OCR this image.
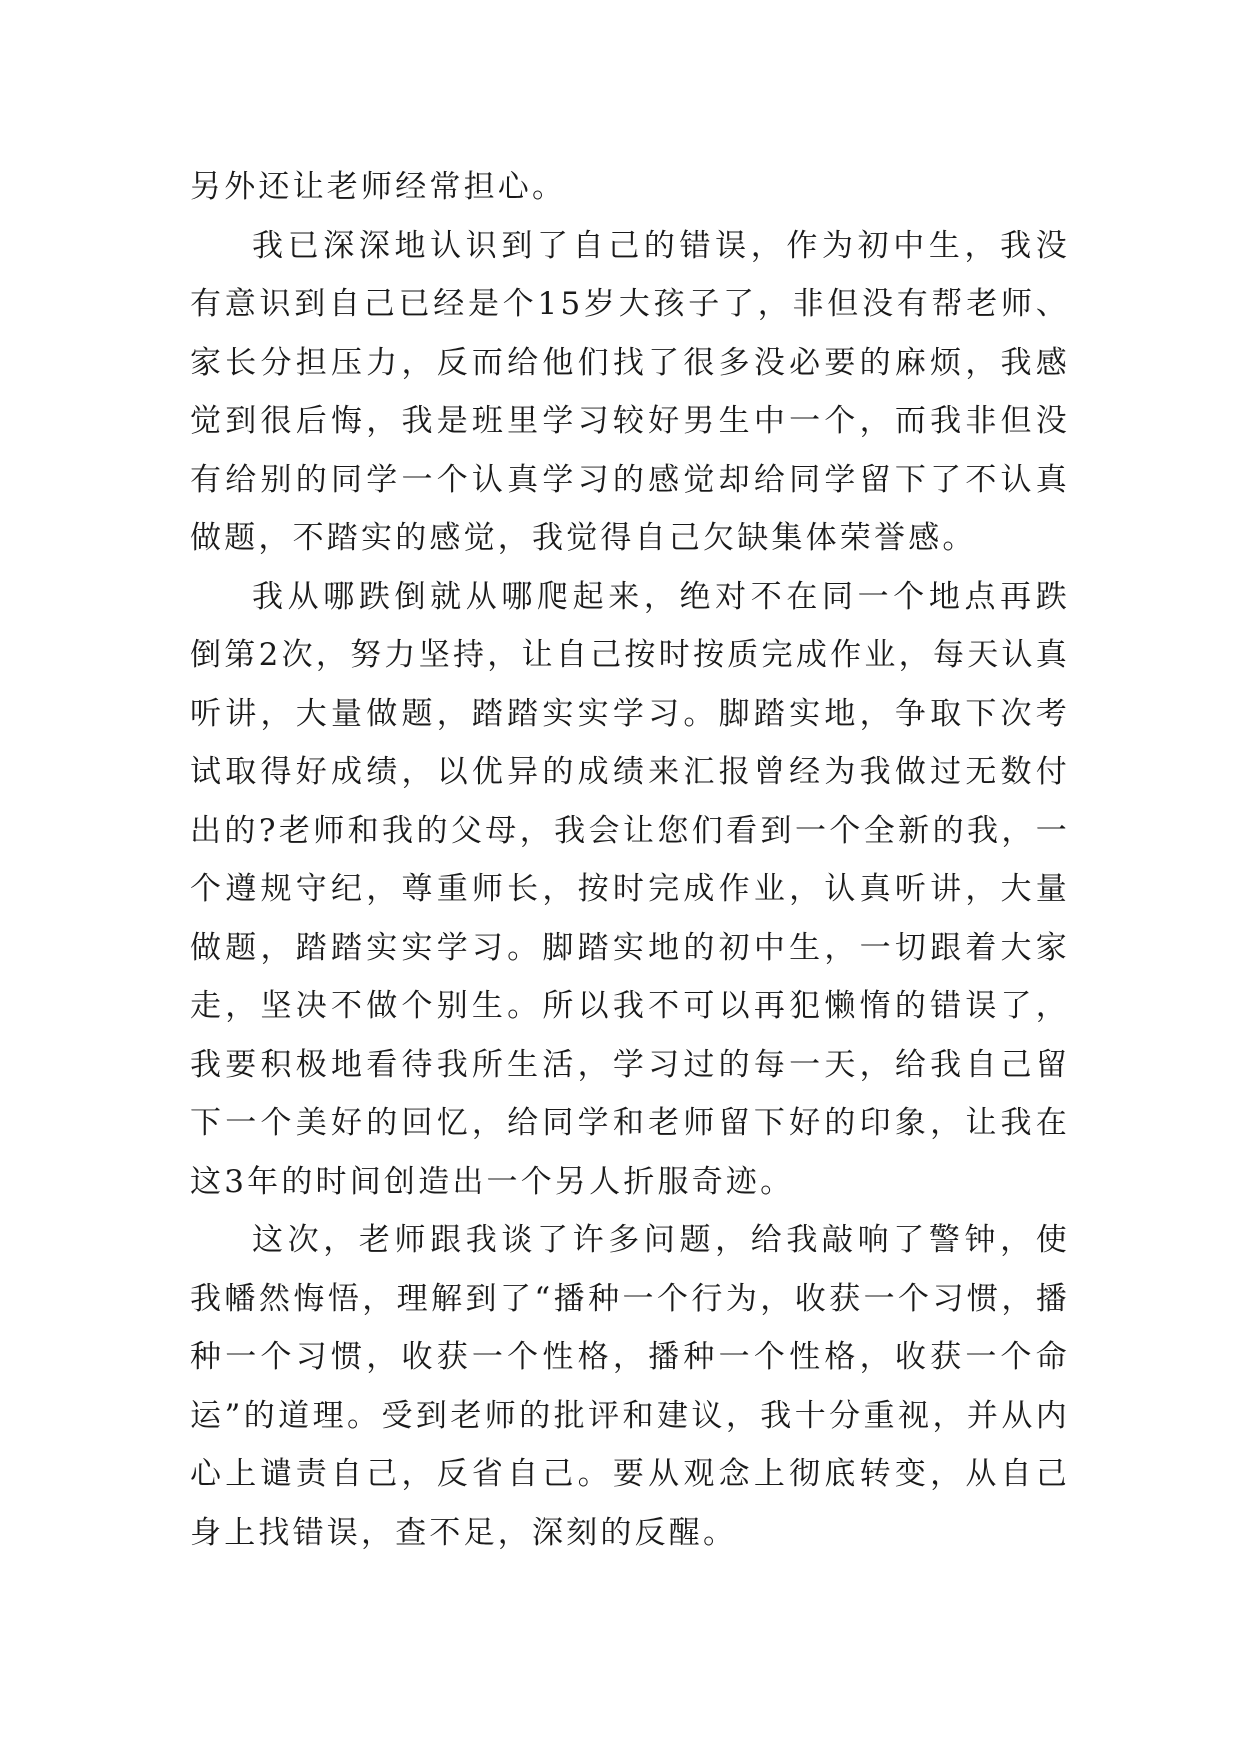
另外还让老师经常担心。

我已深深地认识到了自己的错误，作为初中生，我没有意识到自己已经是个15岁大孩子了，非但没有帮老师、家长分担压力，反而给他们找了很多没必要的麻烦，我感觉到很后悔，我是班里学习较好男生中一个，而我非但没有给别的同学一个认真学习的感觉却给同学留下了不认真做题，不踏实的感觉，我觉得自己欠缺集体荣誉感。

我从哪跌倒就从哪爬起来，绝对不在同一个地点再跌倒第2次，努力坚持，让自己按时按质完成作业，每天认真听讲，大量做题，踏踏实实学习。脚踏实地，争取下次考试取得好成绩，以优异的成绩来汇报曾经为我做过无数付出的?老师和我的父母，我会让您们看到一个全新的我，一个遵规守纪，尊重师长，按时完成作业，认真听讲，大量做题，踏踏实实学习。脚踏实地的初中生，一切跟着大家走，坚决不做个别生。所以我不可以再犯懒惰的错误了，我要积极地看待我所生活，学习过的每一天，给我自己留下一个美好的回忆，给同学和老师留下好的印象，让我在这3年的时间创造出一个另人折服奇迹。

这次，老师跟我谈了许多问题，给我敲响了警钟，使我幡然悔悟，理解到了“播种一个行为，收获一个习惯，播种一个习惯，收获一个性格，播种一个性格，收获一个命运”的道理。受到老师的批评和建议，我十分重视，并从内心上谴责自己，反省自己。要从观念上彻底转变，从自己身上找错误，查不足，深刻的反醒。
